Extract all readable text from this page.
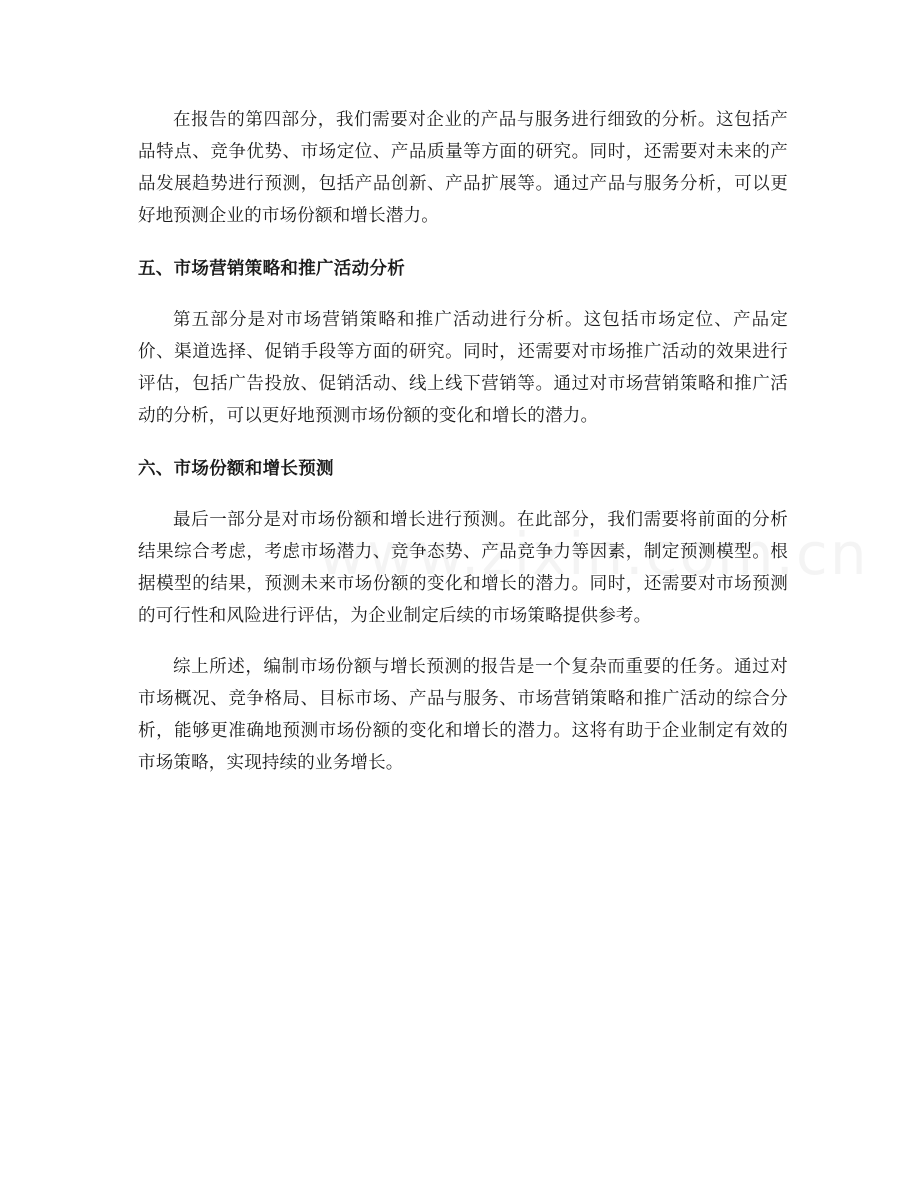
在报告的第四部分，我们需要对企业的产品与服务进行细致的分析。这包括产品特点、竞争优势、市场定位、产品质量等方面的研究。同时，还需要对未来的产品发展趋势进行预测，包括产品创新、产品扩展等。通过产品与服务分析，可以更好地预测企业的市场份额和增长潜力。

五、市场营销策略和推广活动分析

第五部分是对市场营销策略和推广活动进行分析。这包括市场定位、产品定价、渠道选择、促销手段等方面的研究。同时，还需要对市场推广活动的效果进行评估，包括广告投放、促销活动、线上线下营销等。通过对市场营销策略和推广活动的分析，可以更好地预测市场份额的变化和增长的潜力。

六、市场份额和增长预测

最后一部分是对市场份额和增长进行预测。在此部分，我们需要将前面的分析结果综合考虑，考虑市场潜力、竞争态势、产品竞争力等因素，制定预测模型。根据模型的结果，预测未来市场份额的变化和增长的潜力。同时，还需要对市场预测的可行性和风险进行评估，为企业制定后续的市场策略提供参考。

综上所述，编制市场份额与增长预测的报告是一个复杂而重要的任务。通过对市场概况、竞争格局、目标市场、产品与服务、市场营销策略和推广活动的综合分析，能够更准确地预测市场份额的变化和增长的潜力。这将有助于企业制定有效的市场策略，实现持续的业务增长。
